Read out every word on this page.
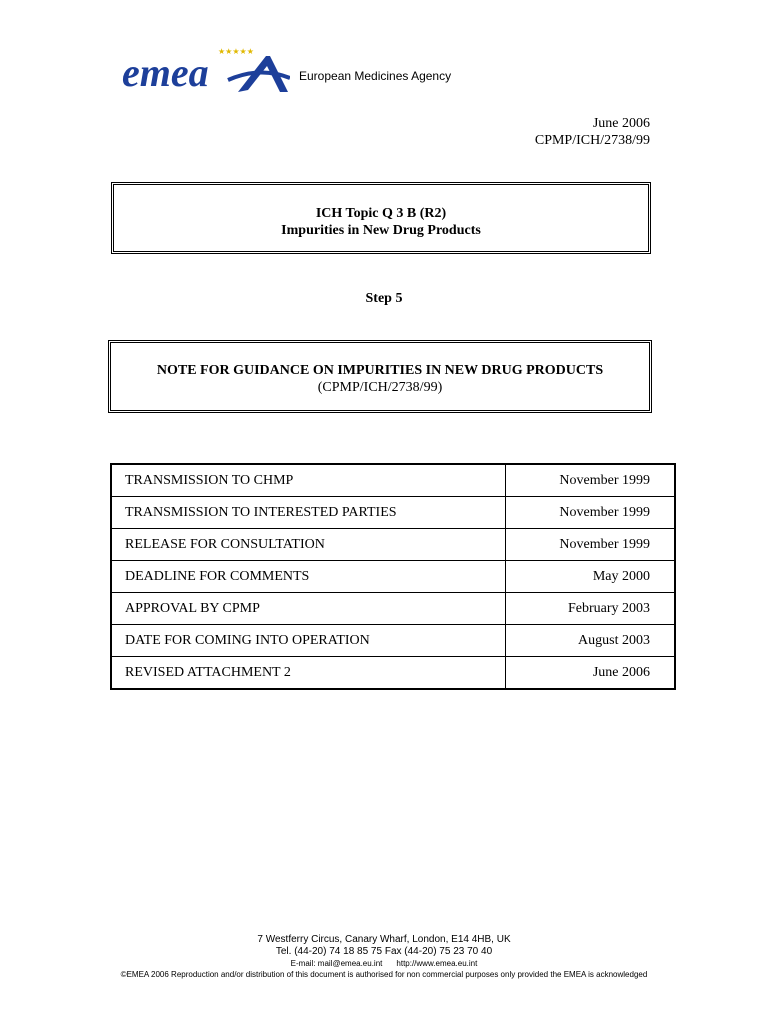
★★★★★
emea	European Medicines Agency
June 2006
CPMP/ICH/2738/99
ICH Topic Q 3 B (R2)
Impurities in New Drug Products
Step 5
NOTE FOR GUIDANCE ON IMPURITIES IN NEW DRUG PRODUCTS
(CPMP/ICH/2738/99)
TRANSMISSION TO CHMP	November 1999
TRANSMISSION TO INTERESTED PARTIES	November 1999
RELEASE FOR CONSULTATION	November 1999
DEADLINE FOR COMMENTS	May 2000
APPROVAL BY CPMP	February 2003
DATE FOR COMING INTO OPERATION	August 2003
REVISED ATTACHMENT 2	June 2006
7 Westferry Circus, Canary Wharf, London, E14 4HB, UK
Tel. (44-20) 74 18 85 75 Fax (44-20) 75 23 70 40
E-mail: mail@emea.eu.int http://www.emea.eu.int
©EMEA 2006 Reproduction and/or distribution of this document is authorised for non commercial purposes only provided the EMEA is acknowledged
